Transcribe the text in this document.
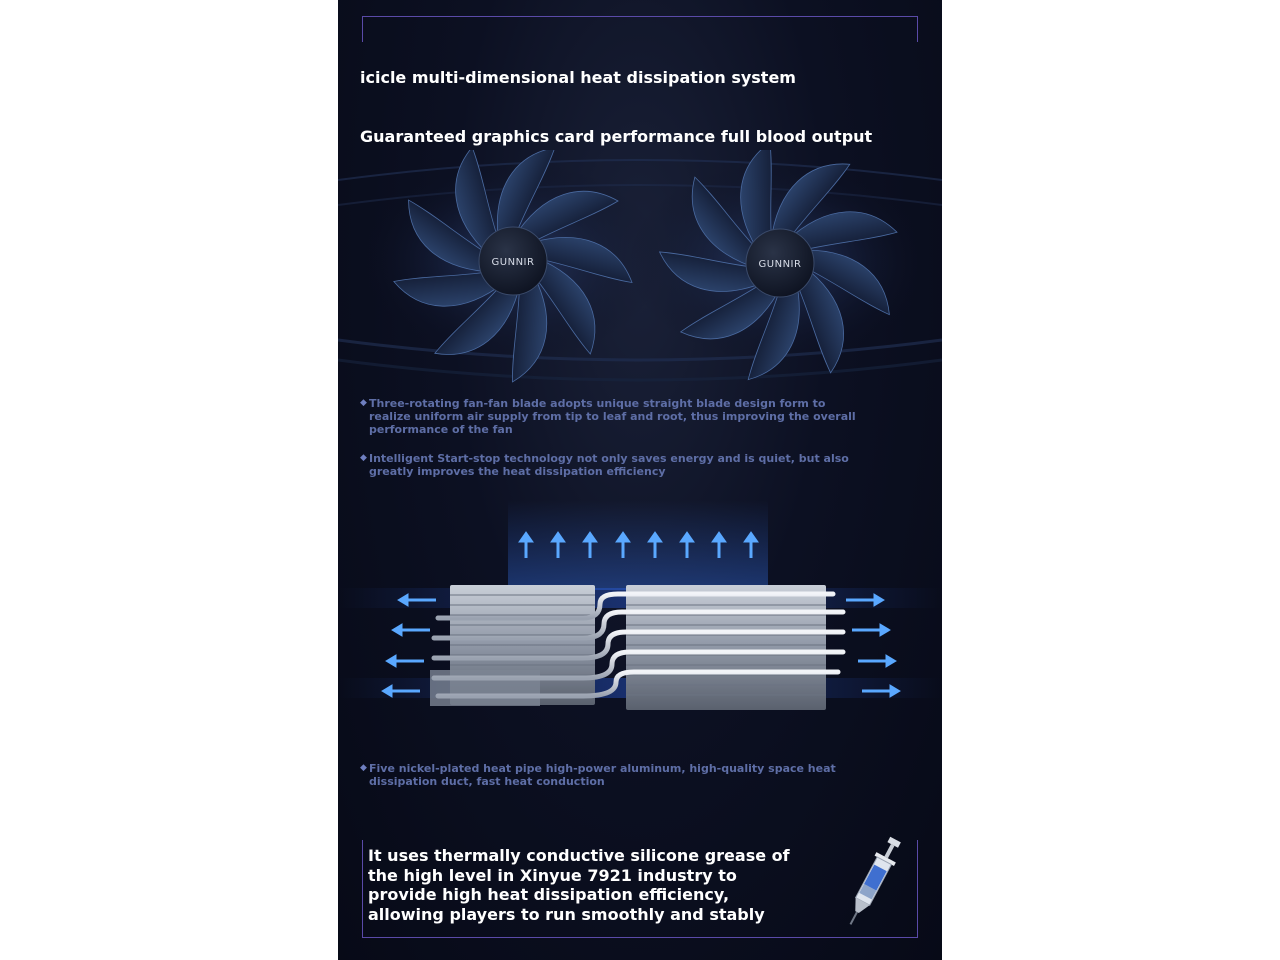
icicle multi-dimensional heat dissipation system
Guaranteed graphics card performance full blood output
GUNNIR	GUNNIR
◆ Three-rotating fan-fan blade adopts unique straight blade design form to realize uniform air supply from tip to leaf and root, thus improving the overall performance of the fan
◆ Intelligent Start-stop technology not only saves energy and is quiet, but also greatly improves the heat dissipation efficiency
◆ Five nickel-plated heat pipe high-power aluminum, high-quality space heat dissipation duct, fast heat conduction
It uses thermally conductive silicone grease of the high level in Xinyue 7921 industry to provide high heat dissipation efficiency, allowing players to run smoothly and stably
